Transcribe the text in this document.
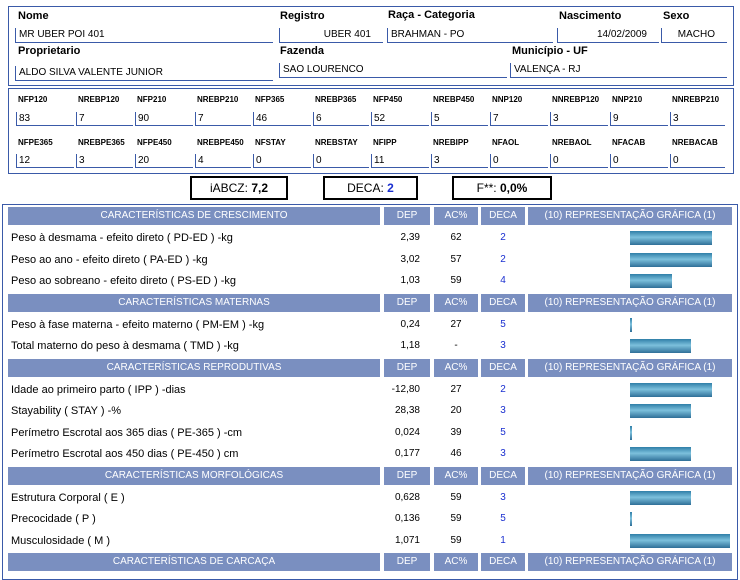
Nome
MR UBER POI 401
Registro
UBER 401
Raça - Categoria
BRAHMAN - PO
Nascimento
14/02/2009
Sexo
MACHO
Proprietario
ALDO SILVA VALENTE JUNIOR
Fazenda
SAO LOURENCO
Município - UF
VALENÇA - RJ
NFP120
83
NREBP120
7
NFP210
90
NREBP210
7
NFP365
46
NREBP365
6
NFP450
52
NREBP450
5
NNP120
7
NNREBP120
3
NNP210
9
NNREBP210
3
NFPE365
12
NREBPE365
3
NFPE450
20
NREBPE450
4
NFSTAY
0
NREBSTAY
0
NFIPP
11
NREBIPP
3
NFAOL
0
NREBAOL
0
NFACAB
0
NREBACAB
0
iABCZ: 7,2	DECA: 2	F**: 0,0%
CARACTERÍSTICAS DE CRESCIMENTO	DEP	AC%	DECA	(10) REPRESENTAÇÃO GRÁFICA (1)
Peso à desmama - efeito direto ( PD-ED ) -kg	2,39	62	2
Peso ao ano - efeito direto ( PA-ED ) -kg	3,02	57	2
Peso ao sobreano - efeito direto ( PS-ED ) -kg	1,03	59	4
CARACTERÍSTICAS MATERNAS	DEP	AC%	DECA	(10) REPRESENTAÇÃO GRÁFICA (1)
Peso à fase materna - efeito materno ( PM-EM ) -kg	0,24	27	5
Total materno do peso à desmama ( TMD ) -kg	1,18	-	3
CARACTERÍSTICAS REPRODUTIVAS	DEP	AC%	DECA	(10) REPRESENTAÇÃO GRÁFICA (1)
Idade ao primeiro parto ( IPP ) -dias	-12,80	27	2
Stayability ( STAY ) -%	28,38	20	3
Perímetro Escrotal aos 365 dias ( PE-365 ) -cm	0,024	39	5
Perímetro Escrotal aos 450 dias ( PE-450 ) cm	0,177	46	3
CARACTERÍSTICAS MORFOLÓGICAS	DEP	AC%	DECA	(10) REPRESENTAÇÃO GRÁFICA (1)
Estrutura Corporal ( E )	0,628	59	3
Precocidade ( P )	0,136	59	5
Musculosidade ( M )	1,071	59	1
CARACTERÍSTICAS DE CARCAÇA	DEP	AC%	DECA	(10) REPRESENTAÇÃO GRÁFICA (1)
